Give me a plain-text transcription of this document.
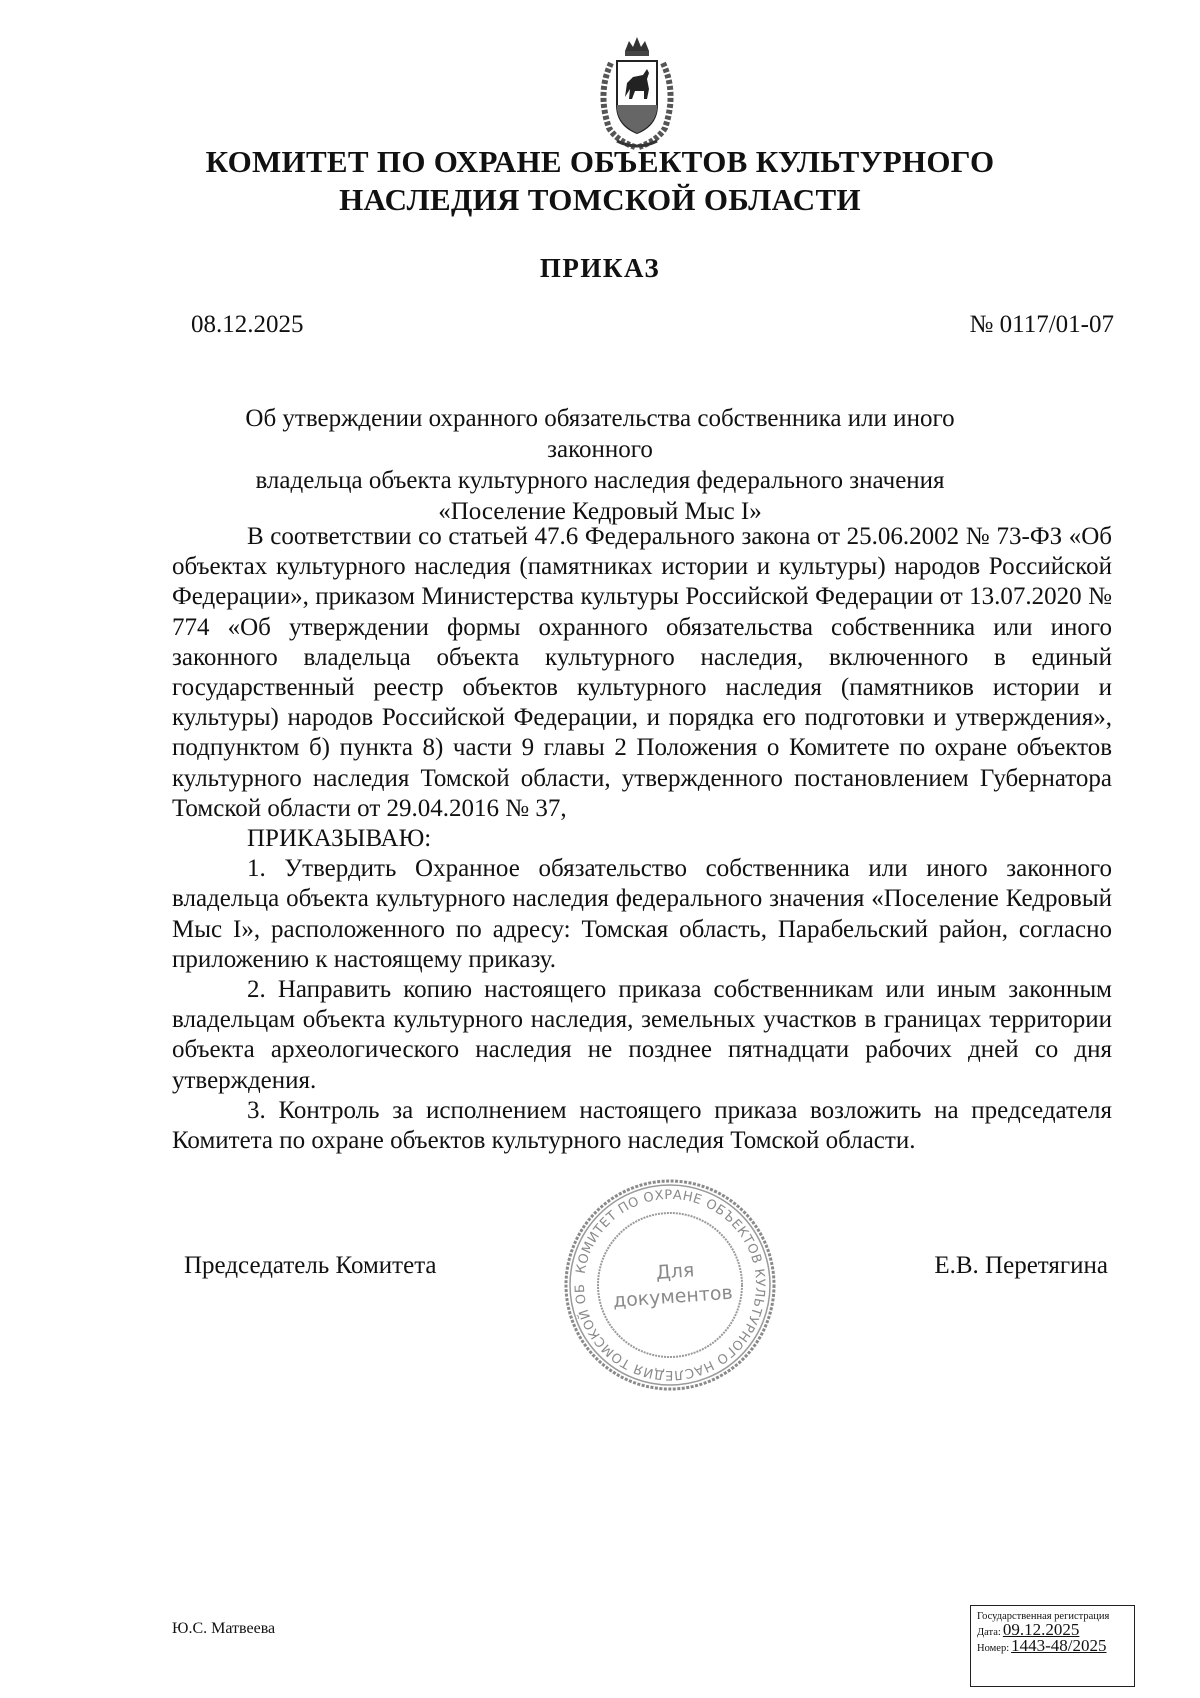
КОМИТЕТ ПО ОХРАНЕ ОБЪЕКТОВ КУЛЬТУРНОГО
НАСЛЕДИЯ ТОМСКОЙ ОБЛАСТИ
ПРИКАЗ
08.12.2025	№ 0117/01-07
Об утверждении охранного обязательства собственника или иного законного
владельца объекта культурного наследия федерального значения
«Поселение Кедровый Мыс I»

В соответствии со статьей 47.6 Федерального закона от 25.06.2002 № 73-ФЗ «Об объектах культурного наследия (памятниках истории и культуры) народов Российской Федерации», приказом Министерства культуры Российской Федерации от 13.07.2020 № 774 «Об утверждении формы охранного обязательства собственника или иного законного владельца объекта культурного наследия, включенного в единый государственный реестр объектов культурного наследия (памятников истории и культуры) народов Российской Федерации, и порядка его подготовки и утверждения», подпунктом б) пункта 8) части 9 главы 2 Положения о Комитете по охране объектов культурного наследия Томской области, утвержденного постановлением Губернатора Томской области от 29.04.2016 № 37,

ПРИКАЗЫВАЮ:

1. Утвердить Охранное обязательство собственника или иного законного владельца объекта культурного наследия федерального значения «Поселение Кедровый Мыс I», расположенного по адресу: Томская область, Парабельский район, согласно приложению к настоящему приказу.

2. Направить копию настоящего приказа собственникам или иным законным владельцам объекта культурного наследия, земельных участков в границах территории объекта археологического наследия не позднее пятнадцати рабочих дней со дня утверждения.

3. Контроль за исполнением настоящего приказа возложить на председателя Комитета по охране объектов культурного наследия Томской области.

Председатель Комитета	Е.В. Перетягина
КОМИТЕТ ПО ОХРАНЕ ОБЪЕКТОВ КУЛЬТУРНОГО НАСЛЕДИЯ ТОМСКОЙ ОБ
Для
документов
Ю.С. Матвеева
Государственная регистрация
Дата: 09.12.2025
Номер: 1443-48/2025
